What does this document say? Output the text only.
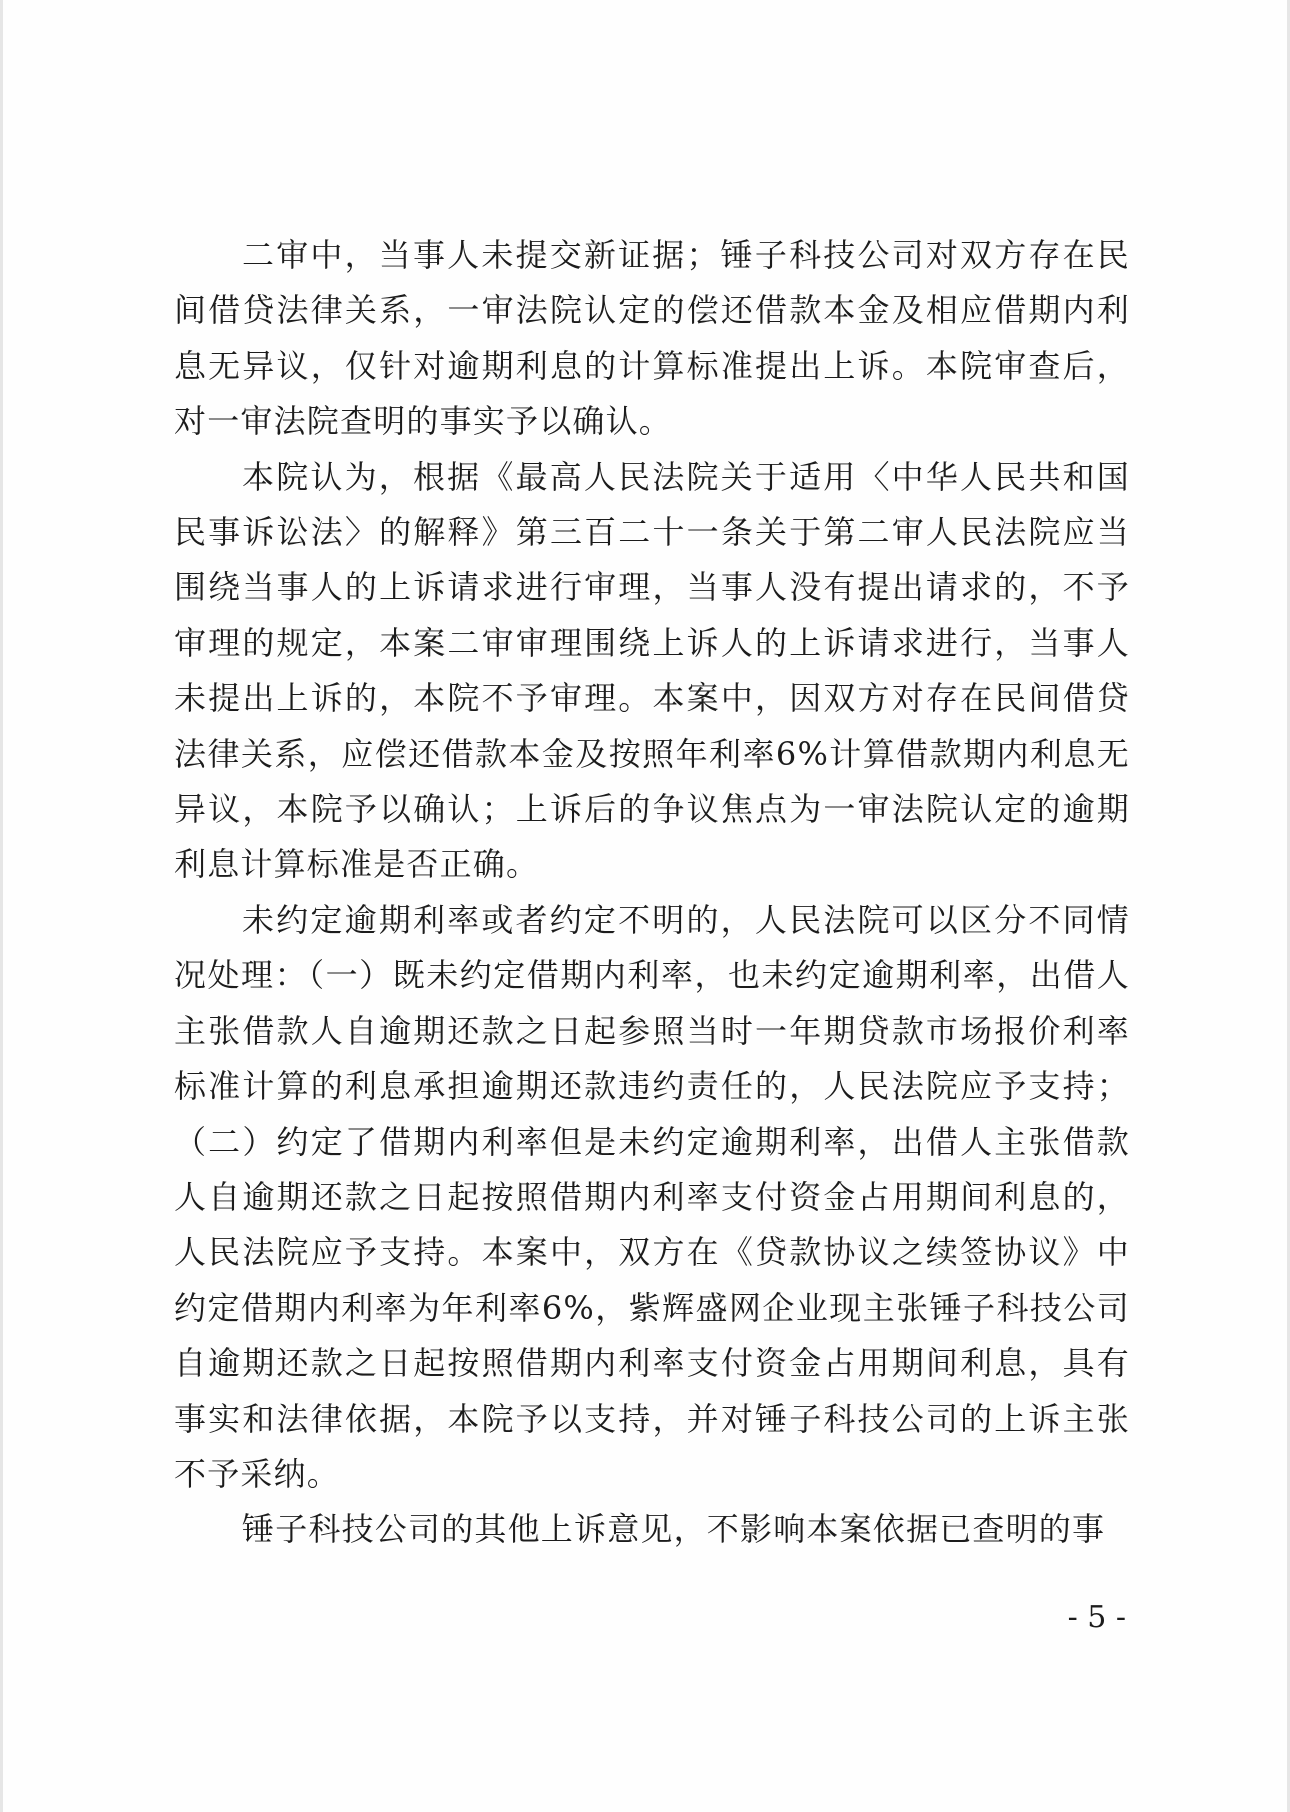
二审中，当事人未提交新证据；锤子科技公司对双方存在民间借贷法律关系，一审法院认定的偿还借款本金及相应借期内利息无异议，仅针对逾期利息的计算标准提出上诉。本院审查后，对一审法院查明的事实予以确认。

本院认为，根据《最高人民法院关于适用〈中华人民共和国民事诉讼法〉的解释》第三百二十一条关于第二审人民法院应当围绕当事人的上诉请求进行审理，当事人没有提出请求的，不予审理的规定，本案二审审理围绕上诉人的上诉请求进行，当事人未提出上诉的，本院不予审理。本案中，因双方对存在民间借贷法律关系，应偿还借款本金及按照年利率6%计算借款期内利息无异议，本院予以确认；上诉后的争议焦点为一审法院认定的逾期利息计算标准是否正确。

未约定逾期利率或者约定不明的，人民法院可以区分不同情况处理：（一）既未约定借期内利率，也未约定逾期利率，出借人主张借款人自逾期还款之日起参照当时一年期贷款市场报价利率标准计算的利息承担逾期还款违约责任的，人民法院应予支持；（二）约定了借期内利率但是未约定逾期利率，出借人主张借款人自逾期还款之日起按照借期内利率支付资金占用期间利息的，人民法院应予支持。本案中，双方在《贷款协议之续签协议》中约定借期内利率为年利率6%，紫辉盛网企业现主张锤子科技公司自逾期还款之日起按照借期内利率支付资金占用期间利息，具有事实和法律依据，本院予以支持，并对锤子科技公司的上诉主张不予采纳。

锤子科技公司的其他上诉意见，不影响本案依据已查明的事

- 5 -
